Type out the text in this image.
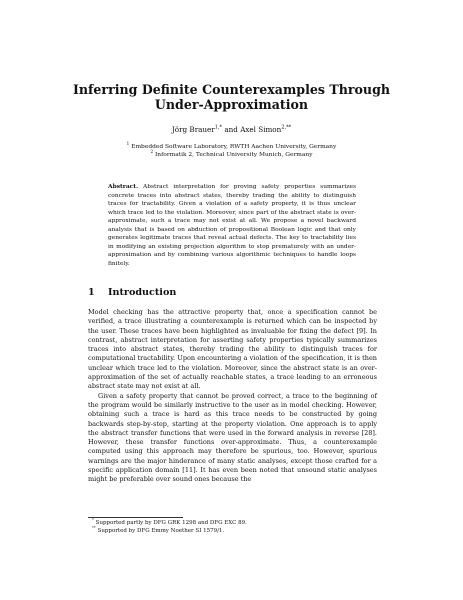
Inferring Definite Counterexamples Through
Under-Approximation
Jörg Brauer$^{1,*}$ and Axel Simon$^{2,**}$
$^1$ Embedded Software Laboratory, RWTH Aachen University, Germany
$^2$ Informatik 2, Technical University Munich, Germany

Abstract. Abstract interpretation for proving safety properties summarizes concrete traces into abstract states, thereby trading the ability to distinguish traces for tractability. Given a violation of a safety property, it is thus unclear which trace led to the violation. Moreover, since part of the abstract state is over-approximate, such a trace may not exist at all. We propose a novel backward analysis that is based on abduction of propositional Boolean logic and that only generates legitimate traces that reveal actual defects. The key to tractability lies in modifying an existing projection algorithm to stop prematurely with an under-approximation and by combining various algorithmic techniques to handle loops finitely.

1 Introduction

Model checking has the attractive property that, once a specification cannot be verified, a trace illustrating a counterexample is returned which can be inspected by the user. These traces have been highlighted as invaluable for fixing the defect [9]. In contrast, abstract interpretation for asserting safety properties typically summarizes traces into abstract states, thereby trading the ability to distinguish traces for computational tractability. Upon encountering a violation of the specification, it is then unclear which trace led to the violation. Moreover, since the abstract state is an over-approximation of the set of actually reachable states, a trace leading to an erroneous abstract state may not exist at all.

Given a safety property that cannot be proved correct, a trace to the beginning of the program would be similarly instructive to the user as in model checking. However, obtaining such a trace is hard as this trace needs to be constructed by going backwards step-by-step, starting at the property violation. One approach is to apply the abstract transfer functions that were used in the forward analysis in reverse [28]. However, these transfer functions over-approximate. Thus, a counterexample computed using this approach may therefore be spurious, too. However, spurious warnings are the major hinderance of many static analyses, except those crafted for a specific application domain [11]. It has even been noted that unsound static analyses might be preferable over sound ones because the

* Supported partly by DFG GRK 1298 and DFG EXC 89.
** Supported by DFG Emmy Noether SI 1579/1.
